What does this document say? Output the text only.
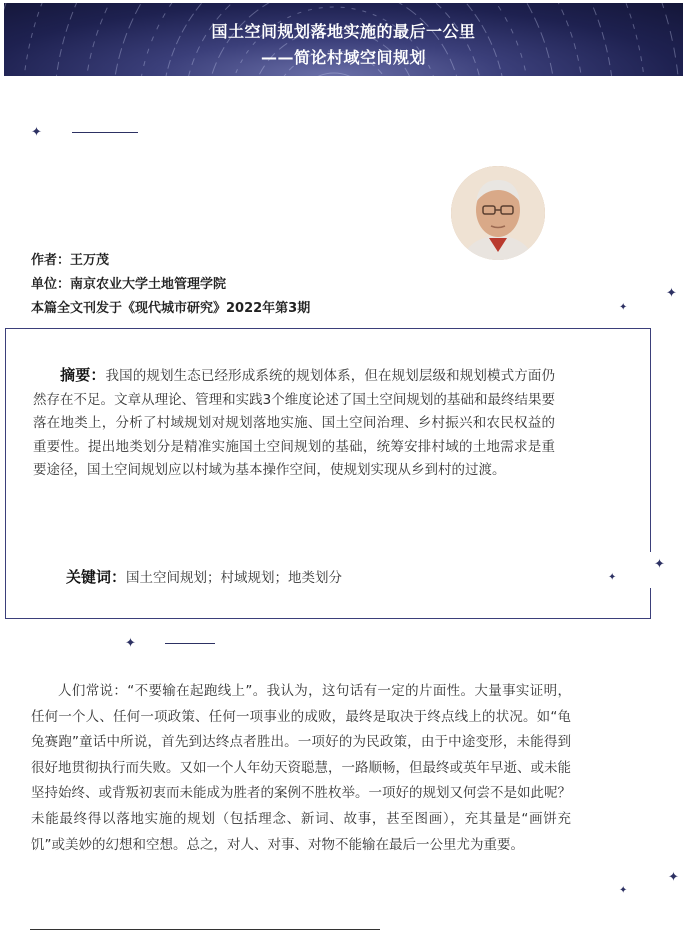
国土空间规划落地实施的最后一公里
——简论村域空间规划
✦
作者：王万茂
单位：南京农业大学土地管理学院
本篇全文刊发于《现代城市研究》2022年第3期	✦
✦
✦
✦
摘要：我国的规划生态已经形成系统的规划体系，但在规划层级和规划模式方面仍然存在不足。文章从理论、管理和实践3个维度论述了国土空间规划的基础和最终结果要落在地类上，分析了村域规划对规划落地实施、国土空间治理、乡村振兴和农民权益的重要性。提出地类划分是精准实施国土空间规划的基础，统筹安排村域的土地需求是重要途径，国土空间规划应以村域为基本操作空间，使规划实现从乡到村的过渡。
关键词：国土空间规划；村域规划；地类划分
✦
人们常说：“不要输在起跑线上”。我认为，这句话有一定的片面性。大量事实证明，任何一个人、任何一项政策、任何一项事业的成败，最终是取决于终点线上的状况。如“龟兔赛跑”童话中所说，首先到达终点者胜出。一项好的为民政策，由于中途变形，未能得到很好地贯彻执行而失败。又如一个人年幼天资聪慧，一路顺畅，但最终或英年早逝、或未能坚持始终、或背叛初衷而未能成为胜者的案例不胜枚举。一项好的规划又何尝不是如此呢？未能最终得以落地实施的规划（包括理念、新词、故事，甚至图画），充其量是“画饼充饥”或美妙的幻想和空想。总之，对人、对事、对物不能输在最后一公里尤为重要。
✦
✦
